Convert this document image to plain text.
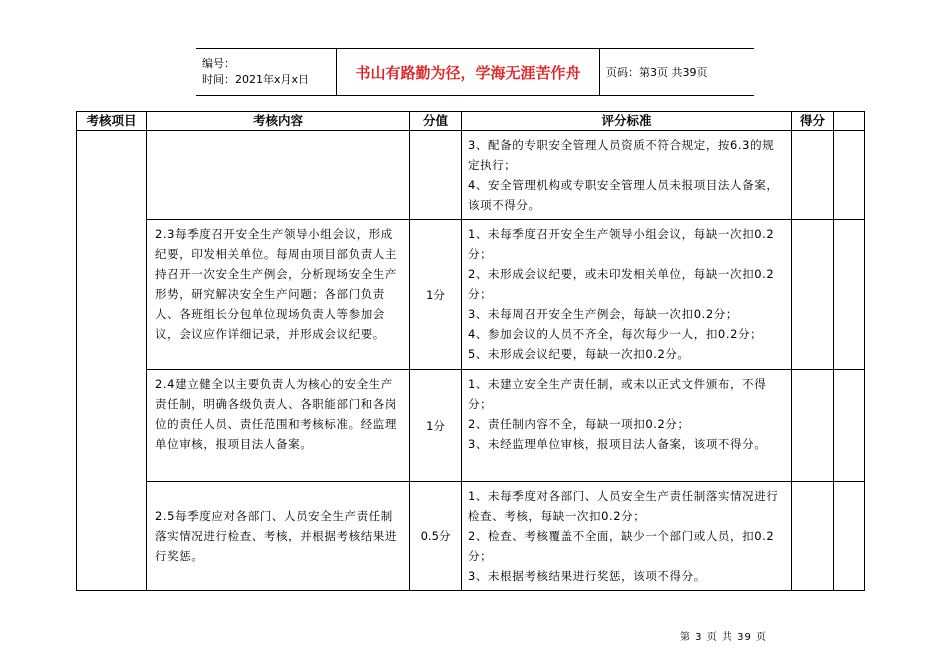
编号：
时间：2021年x月x日	书山有路勤为径，学海无涯苦作舟	页码：第3页 共39页
考核项目	考核内容	分值	评分标准	得分	

			3、配备的专职安全管理人员资质不符合规定，按6.3的规定执行；
4、安全管理机构或专职安全管理人员未报项目法人备案，该项不得分。		

	2.3每季度召开安全生产领导小组会议，形成纪要，印发相关单位。每周由项目部负责人主持召开一次安全生产例会，分析现场安全生产形势，研究解决安全生产问题；各部门负责人、各班组长分包单位现场负责人等参加会议，会议应作详细记录，并形成会议纪要。	1分	1、未每季度召开安全生产领导小组会议，每缺一次扣0.2分；
2、未形成会议纪要，或未印发相关单位，每缺一次扣0.2分；
3、未每周召开安全生产例会，每缺一次扣0.2分；
4、参加会议的人员不齐全，每次每少一人，扣0.2分； 5、未形成会议纪要，每缺一次扣0.2分。		

	2.4建立健全以主要负责人为核心的安全生产责任制，明确各级负责人、各职能部门和各岗位的责任人员、责任范围和考核标准。经监理单位审核，报项目法人备案。	1分	1、未建立安全生产责任制，或未以正式文件颁布，不得分；
2、责任制内容不全，每缺一项扣0.2分；
3、未经监理单位审核，报项目法人备案，该项不得分。		

	2.5每季度应对各部门、人员安全生产责任制落实情况进行检查、考核，并根据考核结果进行奖惩。	0.5分	1、未每季度对各部门、人员安全生产责任制落实情况进行检查、考核，每缺一次扣0.2分；
2、检查、考核覆盖不全面，缺少一个部门或人员，扣0.2分；
3、未根据考核结果进行奖惩，该项不得分。		

第 3 页 共 39 页
